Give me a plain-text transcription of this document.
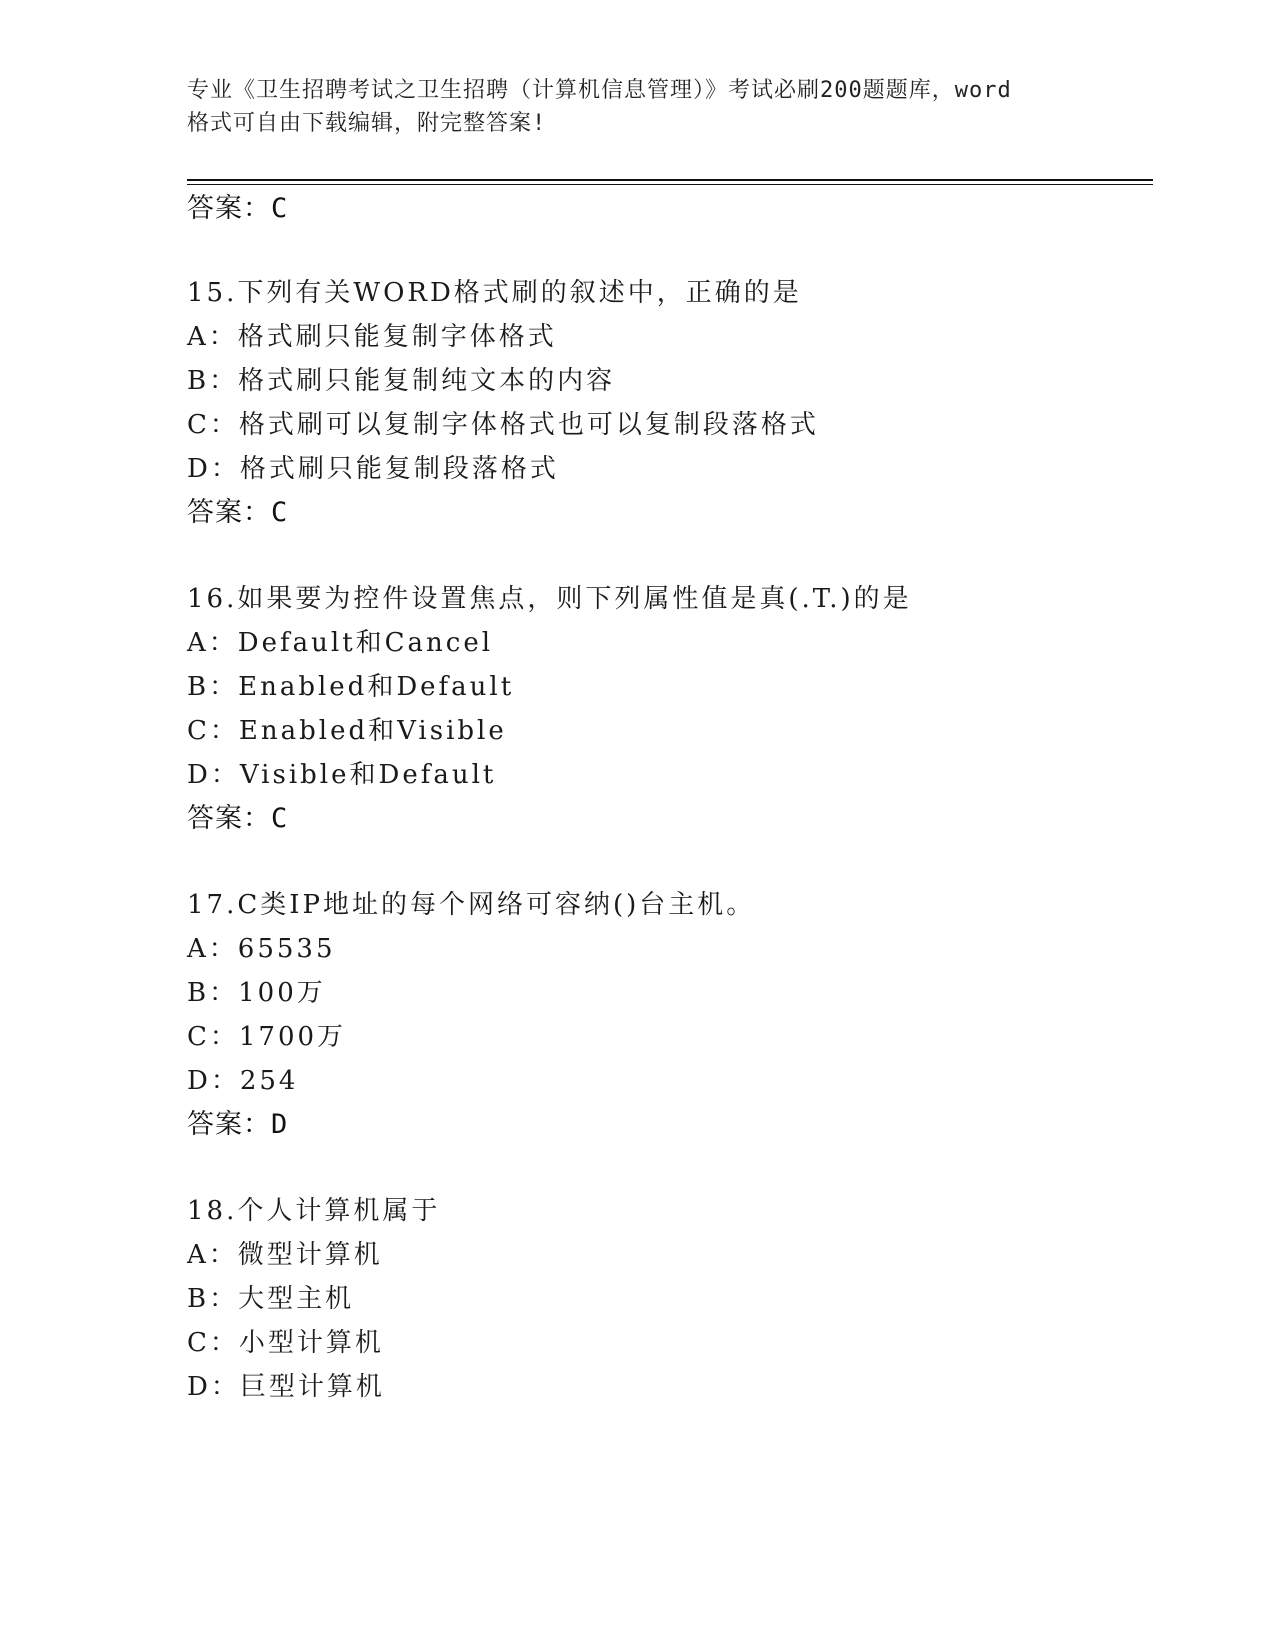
专业《卫生招聘考试之卫生招聘（计算机信息管理）》考试必刷200题题库，word
格式可自由下载编辑，附完整答案!
答案：C
15.下列有关WORD格式刷的叙述中，正确的是
A：格式刷只能复制字体格式
B：格式刷只能复制纯文本的内容
C：格式刷可以复制字体格式也可以复制段落格式
D：格式刷只能复制段落格式
答案：C
16.如果要为控件设置焦点，则下列属性值是真(.T.)的是
A：Default和Cancel
B：Enabled和Default
C：Enabled和Visible
D：Visible和Default
答案：C
17.C类IP地址的每个网络可容纳()台主机。
A：65535
B：100万
C：1700万
D：254
答案：D
18.个人计算机属于
A：微型计算机
B：大型主机
C：小型计算机
D：巨型计算机
